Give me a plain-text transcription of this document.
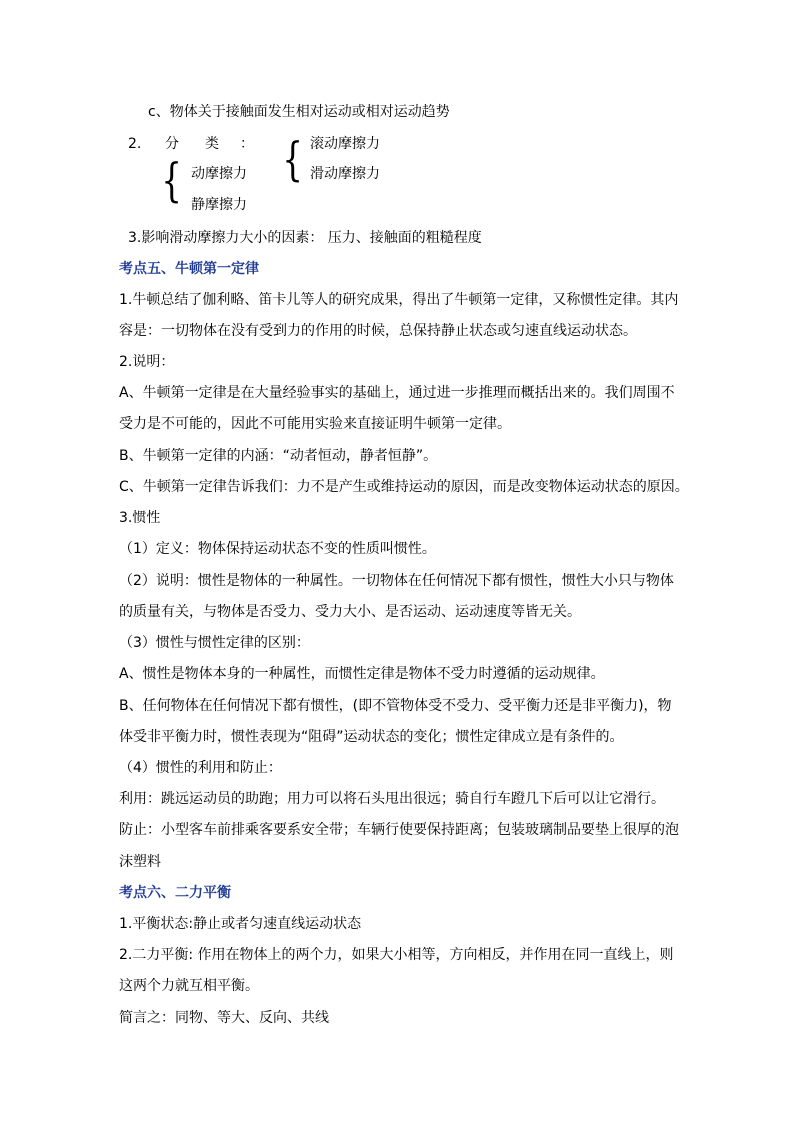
c、物体关于接触面发生相对运动或相对运动趋势
2. 分 类 ：
{ 动摩擦力
静摩擦力
{ 滚动摩擦力
滑动摩擦力
3.影响滑动摩擦力大小的因素： 压力、接触面的粗糙程度
考点五、牛顿第一定律
1.牛顿总结了伽利略、笛卡儿等人的研究成果，得出了牛顿第一定律，又称惯性定律。其内
容是：一切物体在没有受到力的作用的时候，总保持静止状态或匀速直线运动状态。
2.说明：
A、牛顿第一定律是在大量经验事实的基础上，通过进一步推理而概括出来的。我们周围不
受力是不可能的，因此不可能用实验来直接证明牛顿第一定律。
B、牛顿第一定律的内涵：“动者恒动，静者恒静”。
C、牛顿第一定律告诉我们：力不是产生或维持运动的原因，而是改变物体运动状态的原因。
3.惯性
（1）定义：物体保持运动状态不变的性质叫惯性。
（2）说明：惯性是物体的一种属性。一切物体在任何情况下都有惯性，惯性大小只与物体
的质量有关，与物体是否受力、受力大小、是否运动、运动速度等皆无关。
（3）惯性与惯性定律的区别：
A、惯性是物体本身的一种属性，而惯性定律是物体不受力时遵循的运动规律。
B、任何物体在任何情况下都有惯性，(即不管物体受不受力、受平衡力还是非平衡力)，物
体受非平衡力时，惯性表现为“阻碍”运动状态的变化；惯性定律成立是有条件的。
（4）惯性的利用和防止：
利用：跳远运动员的助跑；用力可以将石头甩出很远；骑自行车蹬几下后可以让它滑行。
防止：小型客车前排乘客要系安全带；车辆行使要保持距离；包装玻璃制品要垫上很厚的泡
沫塑料
考点六、二力平衡
1.平衡状态:静止或者匀速直线运动状态
2.二力平衡: 作用在物体上的两个力，如果大小相等，方向相反，并作用在同一直线上，则
这两个力就互相平衡。
简言之：同物、等大、反向、共线
